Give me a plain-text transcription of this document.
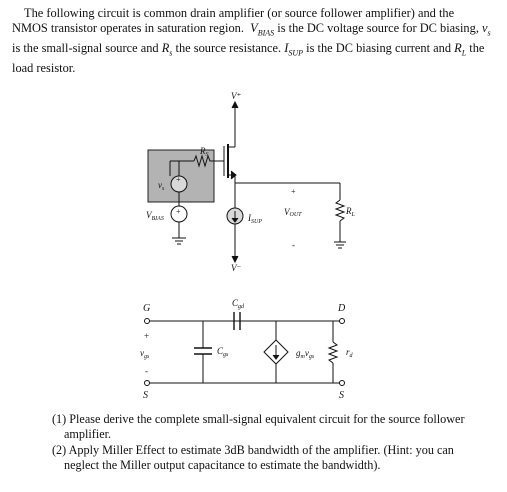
The following circuit is common drain amplifier (or source follower amplifier) and the NMOS transistor operates in saturation region. $V_{BIAS}$ is the DC voltage source for DC biasing, $v_s$ is the small-signal source and $R_s$ the source resistance. $I_{SUP}$ is the DC biasing current and $R_L$ the load resistor.

V⁺
V⁻
$R_S$
$v_s$
+
$V_{BIAS}$
+
$I_{SUP}$
VOUT
+
-
$R_L$
G	D
S	S
+
$v_{gs}$
-
$C_{gd}$
$C_{gs}$	$g_mv_{gs}$	$r_d$
(1) Please derive the complete small-signal equivalent circuit for the source follower
amplifier.
(2) Apply Miller Effect to estimate 3dB bandwidth of the amplifier. (Hint: you can
neglect the Miller output capacitance to estimate the bandwidth).
